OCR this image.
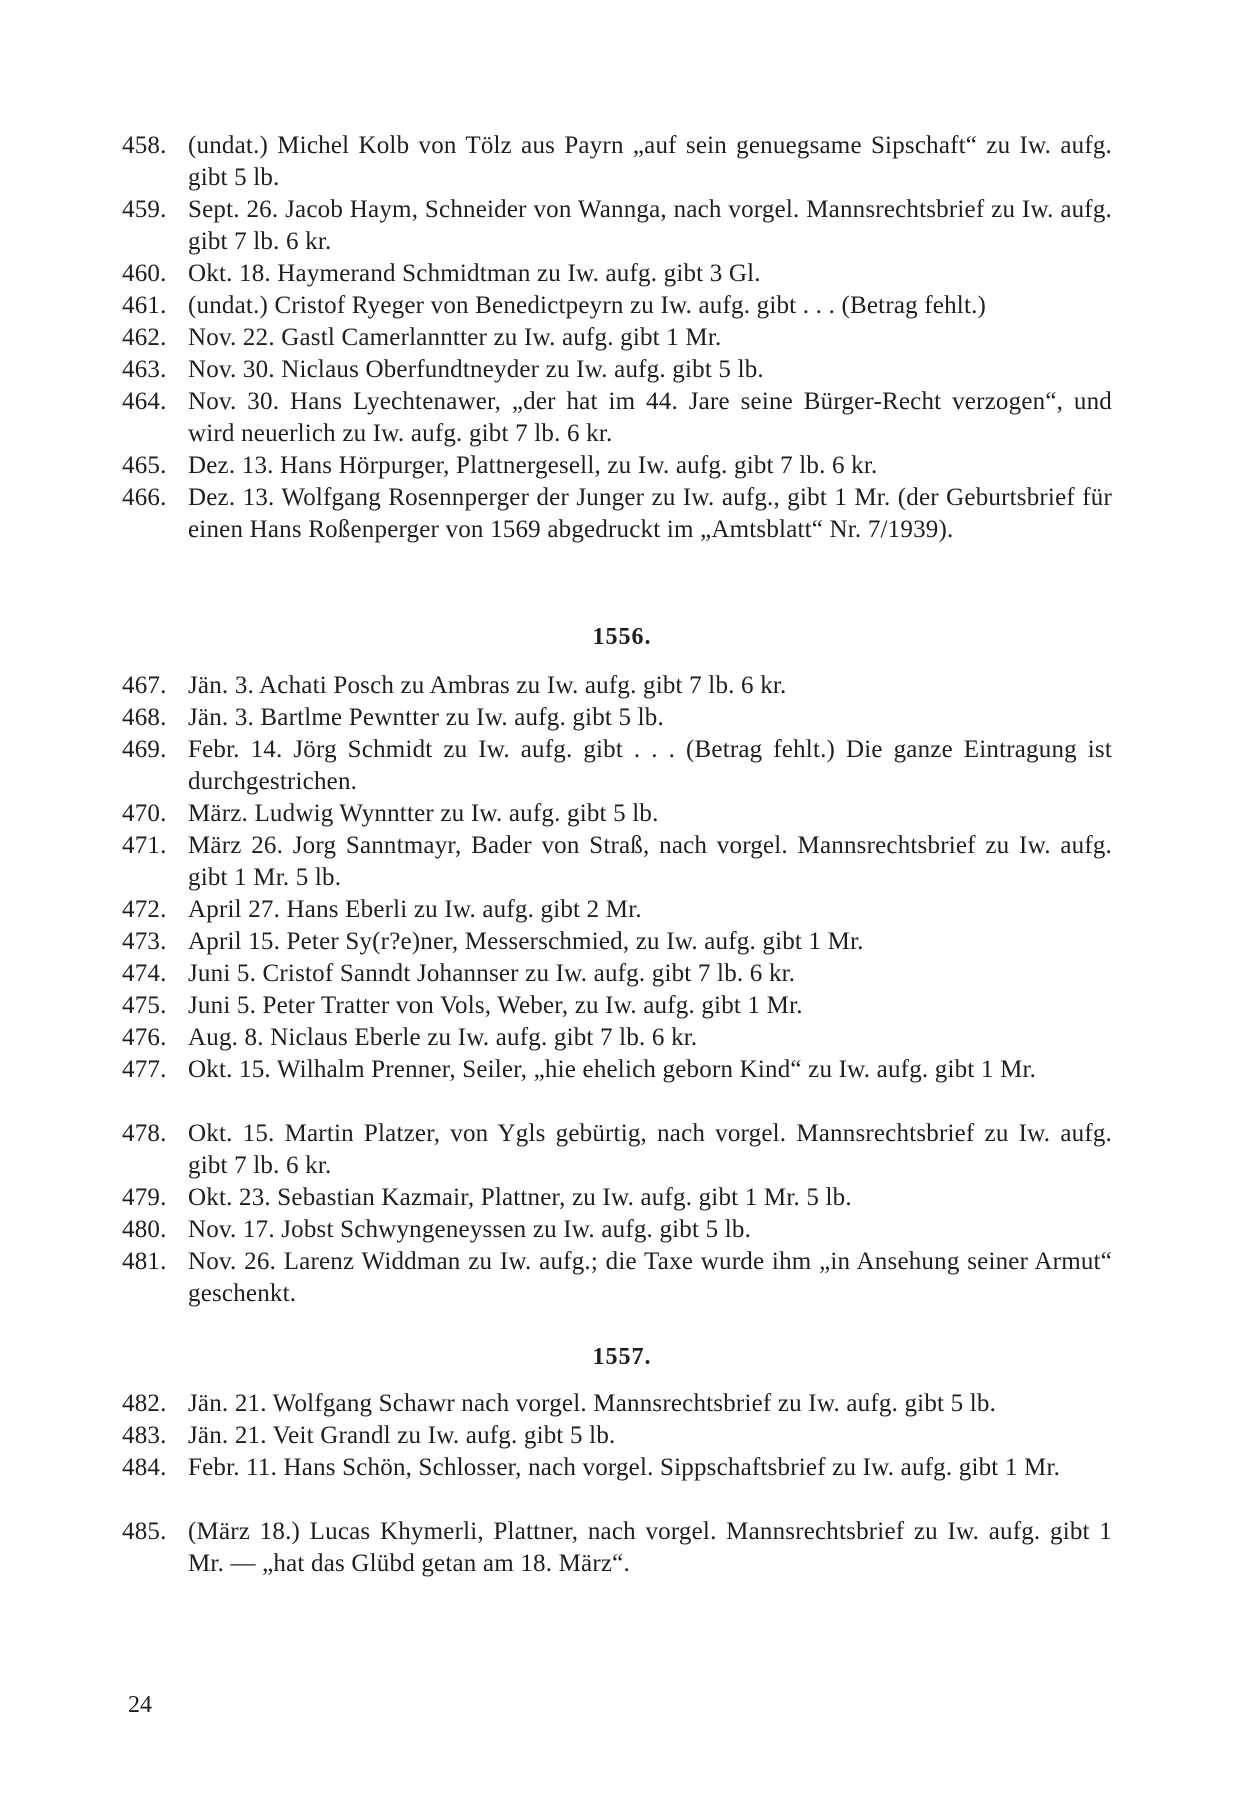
458. (undat.) Michel Kolb von Tölz aus Payrn „auf sein genuegsame Sipschaft“ zu Iw. aufg. gibt 5 lb.
459. Sept. 26. Jacob Haym, Schneider von Wannga, nach vorgel. Mannsrechtsbrief zu Iw. aufg. gibt 7 lb. 6 kr.
460. Okt. 18. Haymerand Schmidtman zu Iw. aufg. gibt 3 Gl.
461. (undat.) Cristof Ryeger von Benedictpeyrn zu Iw. aufg. gibt . . . (Betrag fehlt.)
462. Nov. 22. Gastl Camerlanntter zu Iw. aufg. gibt 1 Mr.
463. Nov. 30. Niclaus Oberfundtneyder zu Iw. aufg. gibt 5 lb.
464. Nov. 30. Hans Lyechtenawer, „der hat im 44. Jare seine Bürger-Recht verzogen“, und wird neuerlich zu Iw. aufg. gibt 7 lb. 6 kr.
465. Dez. 13. Hans Hörpurger, Plattnergesell, zu Iw. aufg. gibt 7 lb. 6 kr.
466. Dez. 13. Wolfgang Rosennperger der Junger zu Iw. aufg., gibt 1 Mr. (der Geburtsbrief für einen Hans Roßenperger von 1569 abgedruckt im „Amtsblatt“ Nr. 7/1939).
1556.
467. Jän. 3. Achati Posch zu Ambras zu Iw. aufg. gibt 7 lb. 6 kr.
468. Jän. 3. Bartlme Pewntter zu Iw. aufg. gibt 5 lb.
469. Febr. 14. Jörg Schmidt zu Iw. aufg. gibt . . . (Betrag fehlt.) Die ganze Eintragung ist durchgestrichen.
470. März. Ludwig Wynntter zu Iw. aufg. gibt 5 lb.
471. März 26. Jorg Sanntmayr, Bader von Straß, nach vorgel. Mannsrechtsbrief zu Iw. aufg. gibt 1 Mr. 5 lb.
472. April 27. Hans Eberli zu Iw. aufg. gibt 2 Mr.
473. April 15. Peter Sy(r?e)ner, Messerschmied, zu Iw. aufg. gibt 1 Mr.
474. Juni 5. Cristof Sanndt Johannser zu Iw. aufg. gibt 7 lb. 6 kr.
475. Juni 5. Peter Tratter von Vols, Weber, zu Iw. aufg. gibt 1 Mr.
476. Aug. 8. Niclaus Eberle zu Iw. aufg. gibt 7 lb. 6 kr.
477. Okt. 15. Wilhalm Prenner, Seiler, „hie ehelich geborn Kind“ zu Iw. aufg. gibt 1 Mr.
478. Okt. 15. Martin Platzer, von Ygls gebürtig, nach vorgel. Mannsrechtsbrief zu Iw. aufg. gibt 7 lb. 6 kr.
479. Okt. 23. Sebastian Kazmair, Plattner, zu Iw. aufg. gibt 1 Mr. 5 lb.
480. Nov. 17. Jobst Schwyngeneyssen zu Iw. aufg. gibt 5 lb.
481. Nov. 26. Larenz Widdman zu Iw. aufg.; die Taxe wurde ihm „in Ansehung seiner Armut“ geschenkt.
1557.
482. Jän. 21. Wolfgang Schawr nach vorgel. Mannsrechtsbrief zu Iw. aufg. gibt 5 lb.
483. Jän. 21. Veit Grandl zu Iw. aufg. gibt 5 lb.
484. Febr. 11. Hans Schön, Schlosser, nach vorgel. Sippschaftsbrief zu Iw. aufg. gibt 1 Mr.
485. (März 18.) Lucas Khymerli, Plattner, nach vorgel. Mannsrechtsbrief zu Iw. aufg. gibt 1 Mr. — „hat das Glübd getan am 18. März“.
24
